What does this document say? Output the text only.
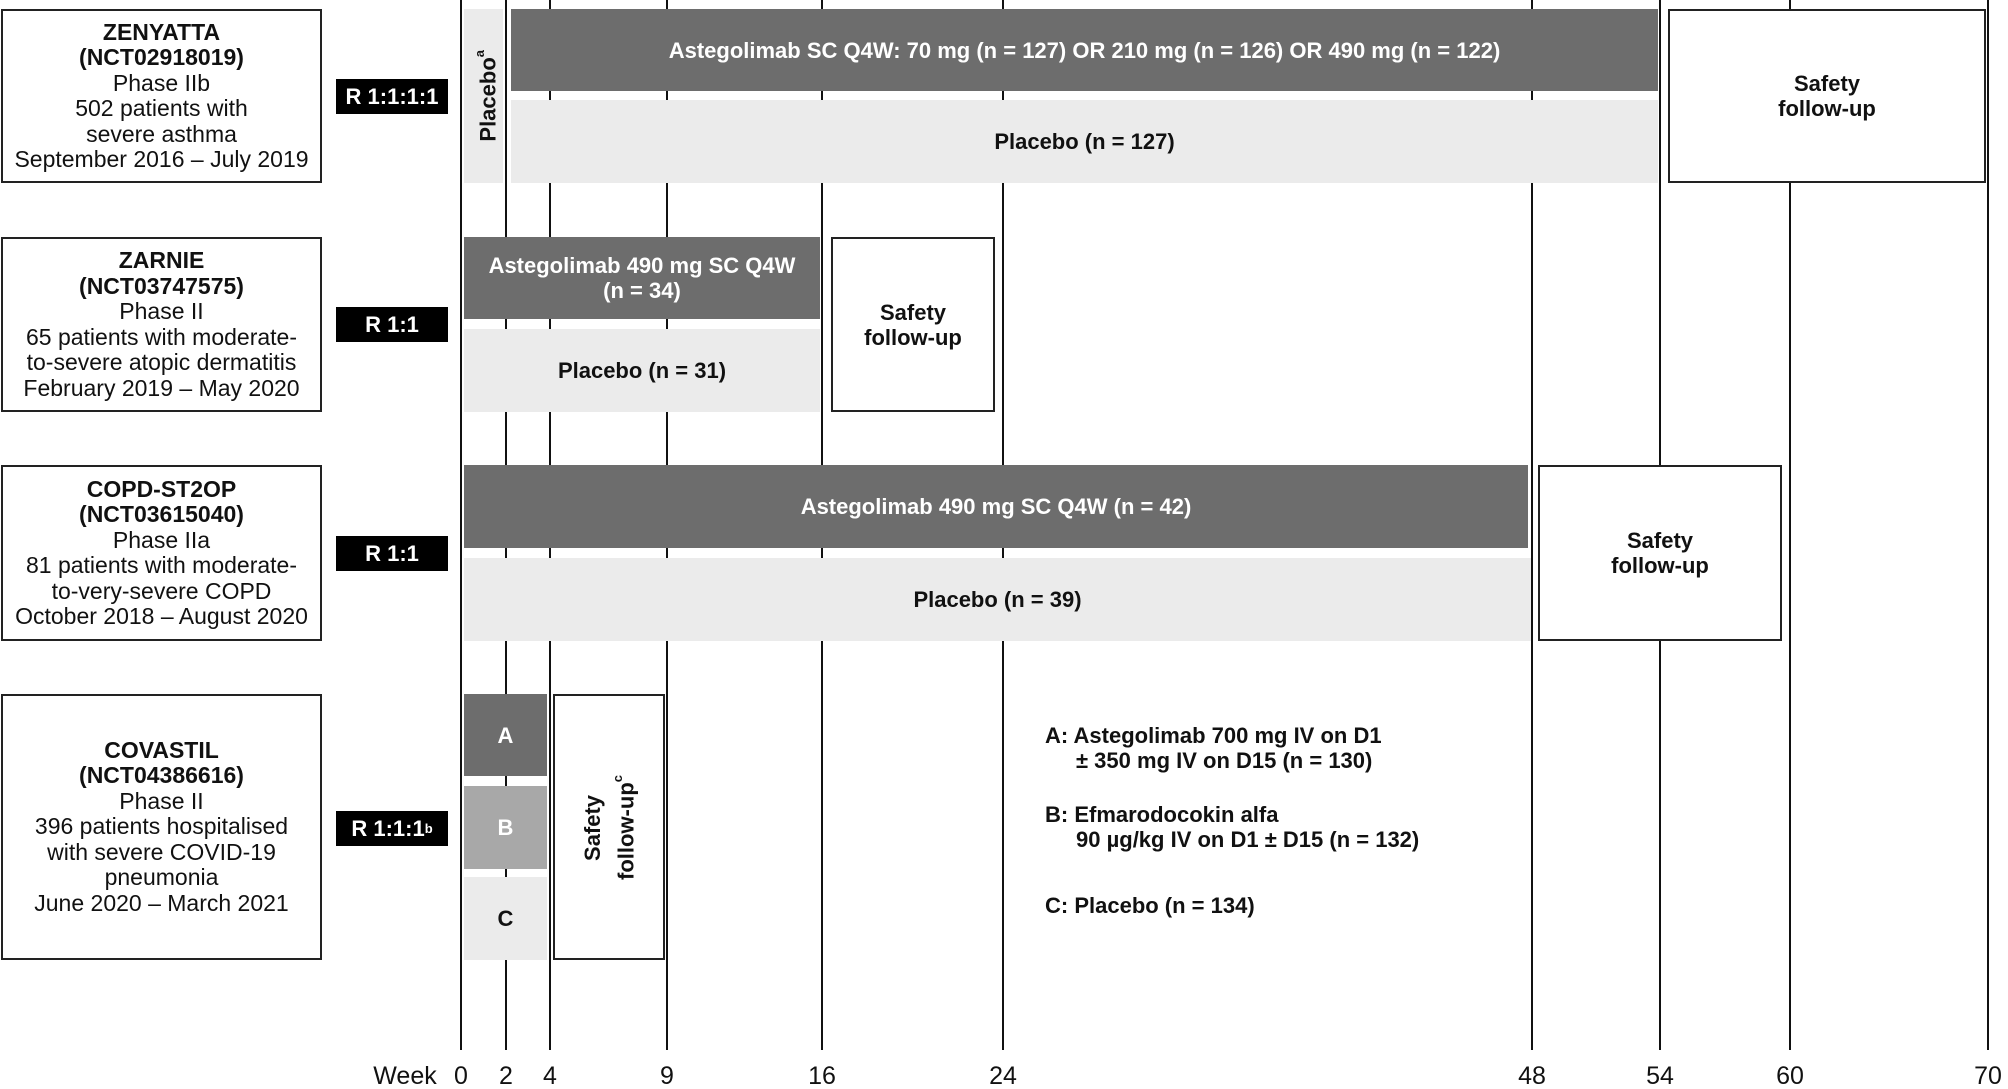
ZENYATTA
(NCT02918019)
Phase IIb
502 patients with
severe asthma
September 2016 – July 2019
ZARNIE
(NCT03747575)
Phase II
65 patients with moderate-
to-severe atopic dermatitis
February 2019 – May 2020
COPD-ST2OP
(NCT03615040)
Phase IIa
81 patients with moderate-
to-very-severe COPD
October 2018 – August 2020
COVASTIL
(NCT04386616)
Phase II
396 patients hospitalised
with severe COVID-19
pneumonia
June 2020 – March 2021
R 1:1:1:1
R 1:1
R 1:1
R 1:1:1 b
Placebo$^a$	Astegolimab SC Q4W: 70 mg (n = 127) OR 210 mg (n = 126) OR 490 mg (n = 122)
Placebo (n = 127)
Safety
follow-up
Astegolimab 490 mg SC Q4W
(n = 34)
Placebo (n = 31)
Safety
follow-up
Astegolimab 490 mg SC Q4W (n = 42)
Placebo (n = 39)
Safety
follow-up
A
B
C
Safety follow-$up^c$
A: Astegolimab 700 mg IV on D1
± 350 mg IV on D15 (n = 130)
B: Efmarodocokin alfa
90 µg/kg IV on D1 ± D15 (n = 132)
C: Placebo (n = 134)
Week 0 2 4	9	16	24	48	54	60	70
